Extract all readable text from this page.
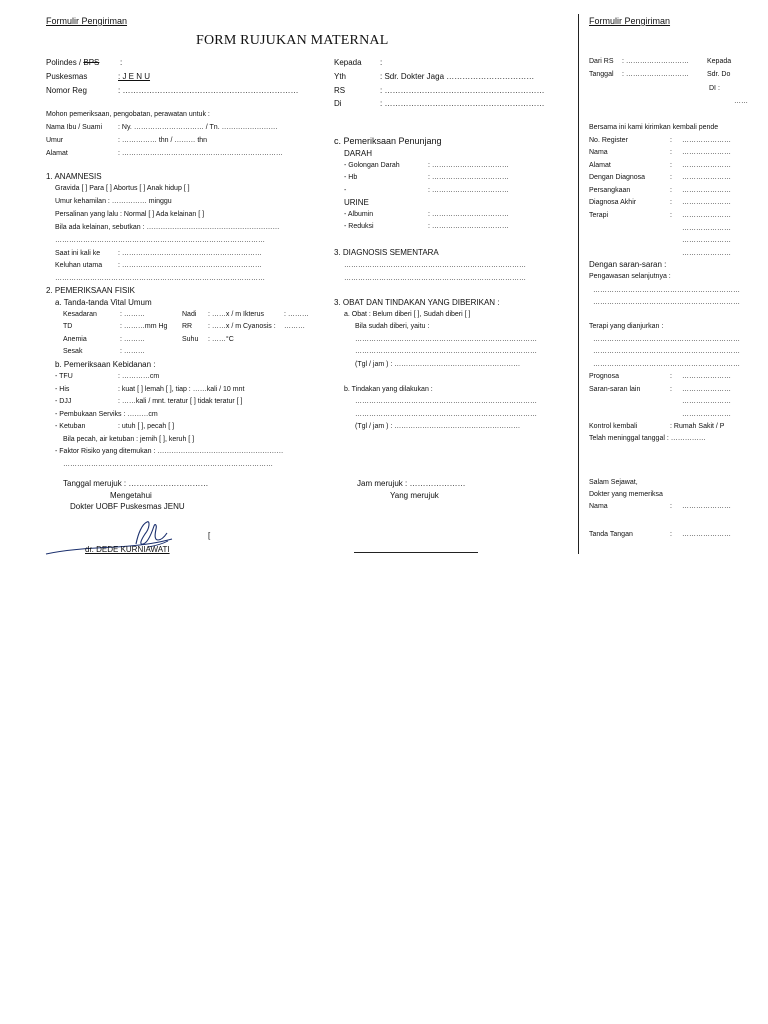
Formulir Pengiriman
FORM RUJUKAN MATERNAL
Polindes / BPS	:
Puskesmas	: J E N U
Nomor Reg	: …………………………………………………………
Mohon pemeriksaan, pengobatan, perawatan untuk :
Nama Ibu / Suami : Ny. ………………………… / Tn. ……………………
Umur	: …………… thn / ……… thn
Alamat	: ……………………………………………………………
1. ANAMNESIS
Gravida [ ] Para [ ] Abortus [ ] Anak hidup [ ]
Umur kehamilan : …………… minggu
Persalinan yang lalu : Normal [ ] Ada kelainan [ ]
Bila ada kelainan, sebutkan : …………………………………………………
………………………………………………………………………………
Saat ini kali ke	: ……………………………………………………
Keluhan utama : ……………………………………………………
………………………………………………………………………………
2. PEMERIKSAAN FISIK
a. Tanda-tanda Vital Umum
Kesadaran	: ………	Nadi : ……x / m Ikterus	: ………
TD	: ………mm Hg RR : ……x / m Cyanosis : ………
Anemia	: ………	Suhu : ……°C
Sesak	: ………
b. Pemeriksaan Kebidanan :
- TFU	: …………cm
- His	: kuat [ ] lemah [ ], tiap : ……kali / 10 mnt
- DJJ	: ……kali / mnt. teratur [ ] tidak teratur [ ]
- Pembukaan Serviks : ………cm
- Ketuban	: utuh [ ], pecah [ ]
Bila pecah, air ketuban : jernih [ ], keruh [ ]
- Faktor Risiko yang ditemukan : ………………………………………………
………………………………………………………………………………
Tanggal merujuk : …………………………
Mengetahui
Dokter UOBF Puskesmas JENU
[
dr. DEDE KURNIAWATI
Kepada :
Yth	: Sdr. Dokter Jaga ……………………………
RS	: ……………………………………………………
Di	: ……………………………………………………
c. Pemeriksaan Penunjang
DARAH
- Golongan Darah	: ……………………………
- Hb	: ……………………………
-	: ……………………………
URINE
- Albumin	: ……………………………
- Reduksi	: ……………………………
3. DIAGNOSIS SEMENTARA
……………………………………………………………………
……………………………………………………………………
3. OBAT DAN TINDAKAN YANG DIBERIKAN :
a. Obat : Belum diberi [ ], Sudah diberi [ ]
Bila sudah diberi, yaitu :
……………………………………………………………………
……………………………………………………………………
(Tgl / jam ) : ………………………………………………
b. Tindakan yang dilakukan :
……………………………………………………………………
……………………………………………………………………
(Tgl / jam ) : ………………………………………………
Jam merujuk : …………………
Yang merujuk
Formulir Pengiriman
Dari RS : ………………………	Kepada
Tanggal : ………………………	Sdr. Do
DI :
……
Bersama ini kami kirimkan kembali pende
No. Register	: …………………
Nama	: …………………
Alamat	: …………………
Dengan Diagnosa	: …………………
Persangkaan	: …………………
Diagnosa Akhir	: …………………
Terapi	: …………………
…………………
…………………
…………………
Dengan saran-saran :
Pengawasan selanjutnya :
………………………………………………………
………………………………………………………
Terapi yang dianjurkan :
………………………………………………………
………………………………………………………
………………………………………………………
Prognosa	: …………………
Saran-saran lain	: …………………
…………………
…………………
Kontrol kembali	: Rumah Sakit / P
Telah meninggal tanggal : ……………
Salam Sejawat,
Dokter yang memeriksa
Nama	: …………………
Tanda Tangan	: …………………
